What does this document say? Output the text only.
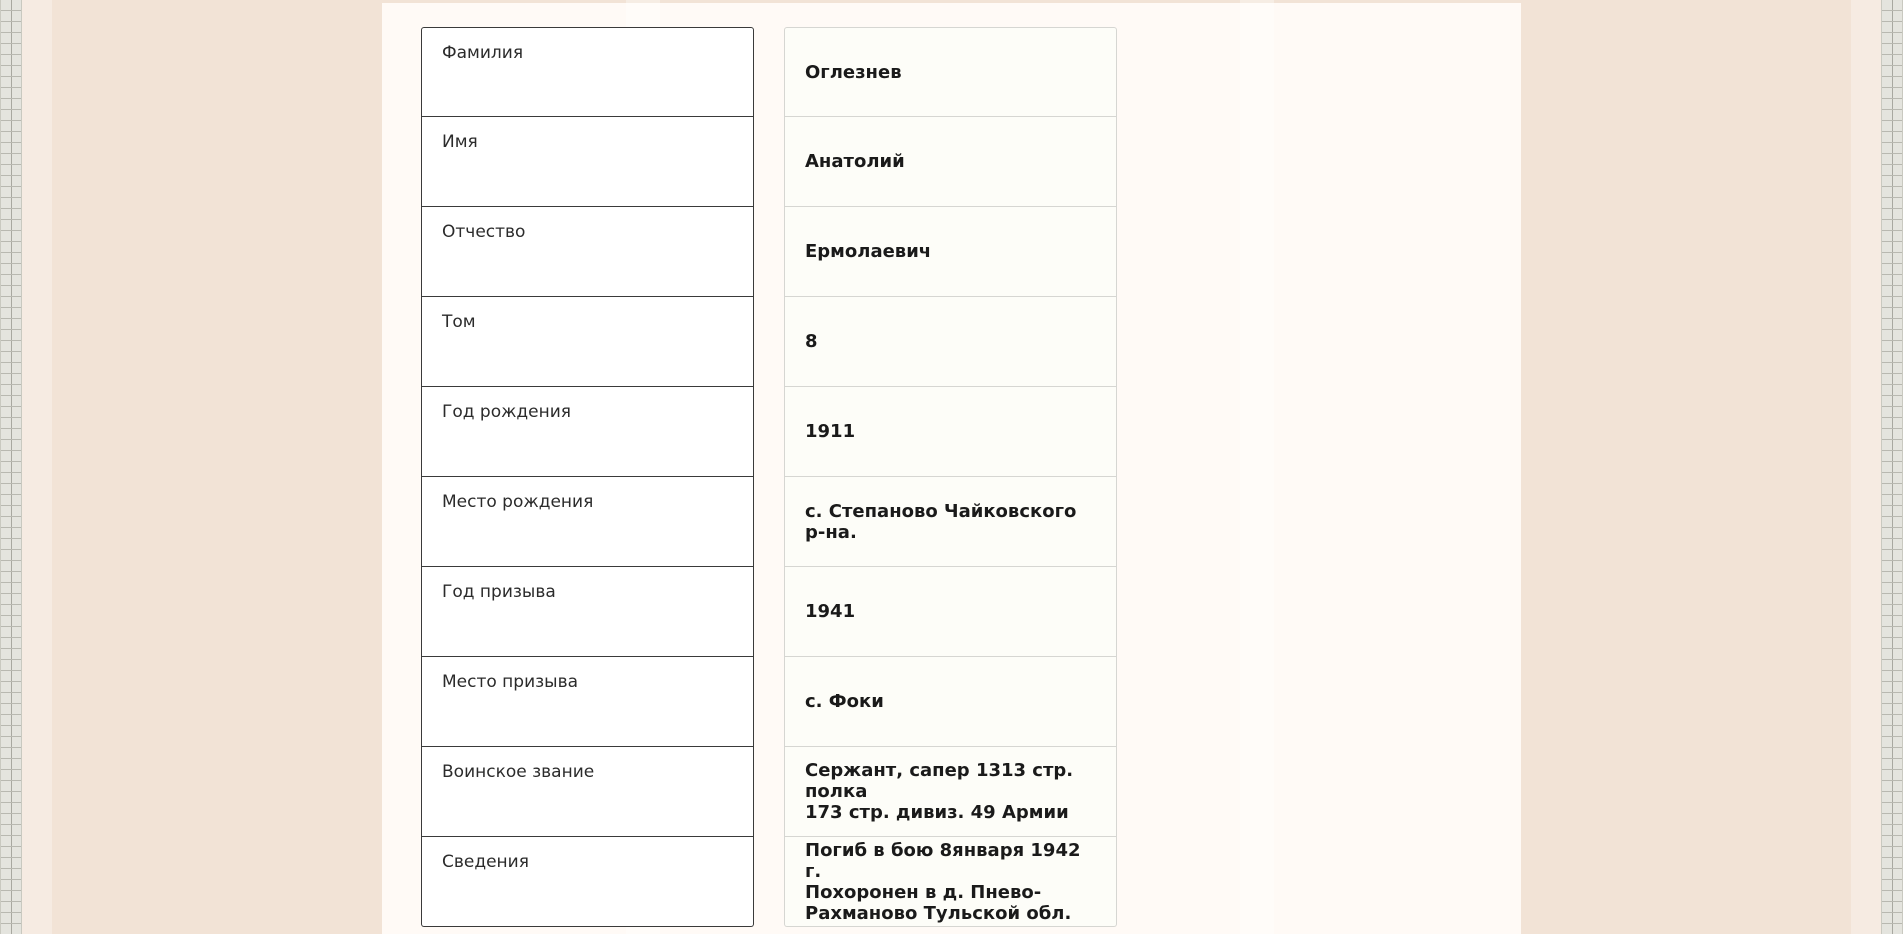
Фамилия
Оглезнев
Имя
Анатолий
Отчество
Ермолаевич
Том
8
Год рождения
1911
Место рождения	с. Степаново Чайковского р-на.
Год призыва
1941
Место призыва
с. Фоки
Воинское звание	Сержант, сапер 1313 стр. полка
173 стр. дивиз. 49 Армии
Сведения
Погиб в бою 8января 1942 г.
Похоронен в д. Пнево-
Рахманово Тульской обл.
